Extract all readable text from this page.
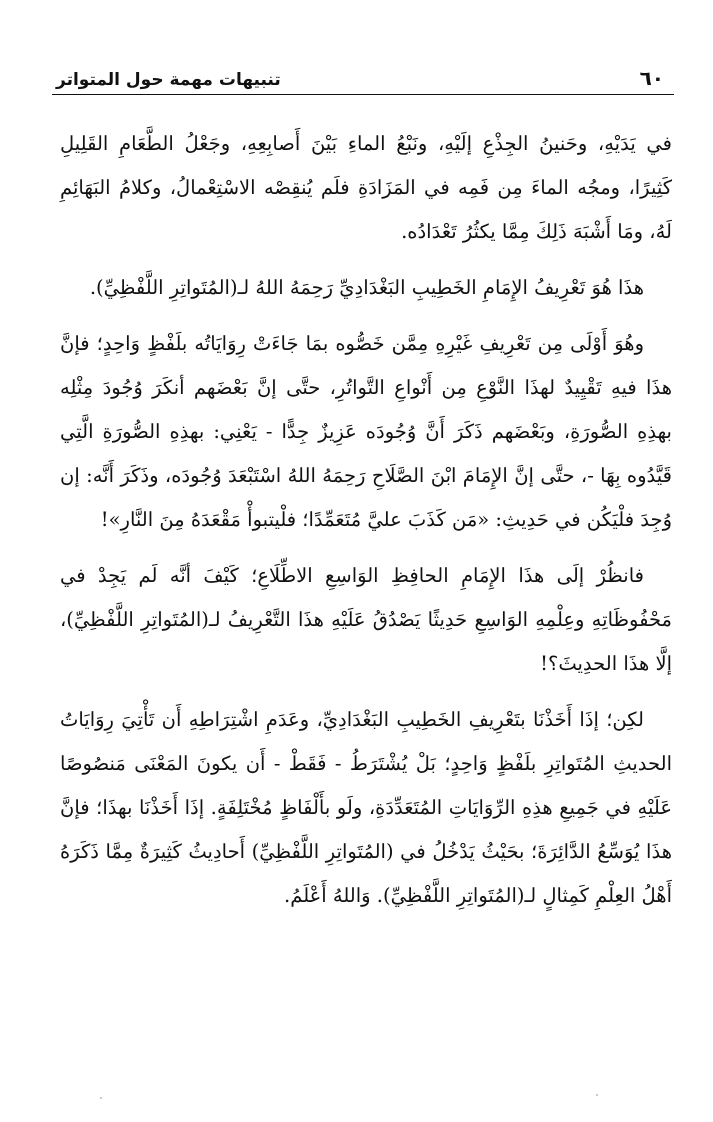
٦٠
تنبيهات مهمة حول المتواتر

في يَدَيْهِ، وحَنينُ الجِذْعِ إلَيْهِ، ونَبْعُ الماءِ بَيْنَ أَصابِعِهِ، وجَعْلُ الطَّعَامِ القَلِيلِ كَثِيرًا، ومجُه الماءَ مِن فَمِه في المَزَادَةِ فلَم يُنقِصْه الاسْتِعْمالُ، وكلامُ البَهَائِمِ لَهُ، ومَا أَشْبَهَ ذَلِكَ مِمَّا يكثُرُ تَعْدَادُه.

هذَا هُوَ تَعْرِيفُ الإِمَامِ الخَطِيبِ البَغْدَادِيِّ رَحِمَهُ اللهُ لـ(المُتَواتِرِ اللَّفْظِيِّ).

وهُوَ أَوْلَى مِن تَعْرِيفِ غَيْرِهِ مِمَّن خَصُّوه بمَا جَاءَتْ رِوَايَاتُه بلَفْظٍ وَاحِدٍ؛ فإنَّ هذَا فيهِ تَقْيِيدٌ لهذَا النَّوْعِ مِن أَنْواعِ التَّواتُرِ، حتَّى إنَّ بَعْضَهم أنكَرَ وُجُودَ مِثْلِه بهذِهِ الصُّورَةِ، وبَعْضَهم ذَكَرَ أَنَّ وُجُودَه عَزِيزٌ جِدًّا - يَعْنِي: بهذِهِ الصُّورَةِ الَّتِي قَيَّدُوه بِهَا -، حتَّى إنَّ الإِمَامَ ابْنَ الصَّلَاحِ رَحِمَهُ اللهُ اسْتَبْعَدَ وُجُودَه، وذَكَرَ أَنَّه: إن وُجِدَ فلْيَكُن في حَدِيثِ: «مَن كَذَبَ عليَّ مُتَعَمِّدًا؛ فلْيتبوأْ مَقْعَدَهُ مِنَ النَّارِ»!

فانظُرْ إلَى هذَا الإِمَامِ الحافِظِ الوَاسِعِ الاطِّلَاعِ؛ كَيْفَ أنَّه لَم يَجِدْ في مَحْفُوظَاتِهِ وعِلْمِهِ الوَاسِعِ حَدِيثًا يَصْدُقُ عَلَيْهِ هذَا التَّعْرِيفُ لـ(المُتَواتِرِ اللَّفْظِيِّ)، إلَّا هذَا الحدِيثَ؟!

لكِن؛ إذَا أَخَذْنَا بتَعْرِيفِ الخَطِيبِ البَغْدَادِيِّ، وعَدَمِ اشْتِرَاطِهِ أَن تَأْتِيَ رِوَايَاتُ الحديثِ المُتَواتِرِ بلَفْظٍ وَاحِدٍ؛ بَلْ يُشْتَرَطُ - فَقَطْ - أَن يكونَ المَعْنَى مَنصُوصًا عَلَيْهِ في جَمِيعِ هذِهِ الرِّوَايَاتِ المُتَعَدِّدَةِ، ولَو بأَلْفَاظٍ مُخْتَلِفَةٍ. إذَا أَخَذْنَا بهذَا؛ فإنَّ هذَا يُوَسِّعُ الدَّائِرَةَ؛ بحَيْثُ يَدْخُلُ في (المُتَواتِرِ اللَّفْظِيِّ) أَحادِيثُ كَثِيرَةٌ مِمَّا ذَكَرَهُ أَهْلُ العِلْمِ كَمِثالٍ لـ(المُتَواتِرِ اللَّفْظِيِّ). وَاللهُ أَعْلَمُ.
